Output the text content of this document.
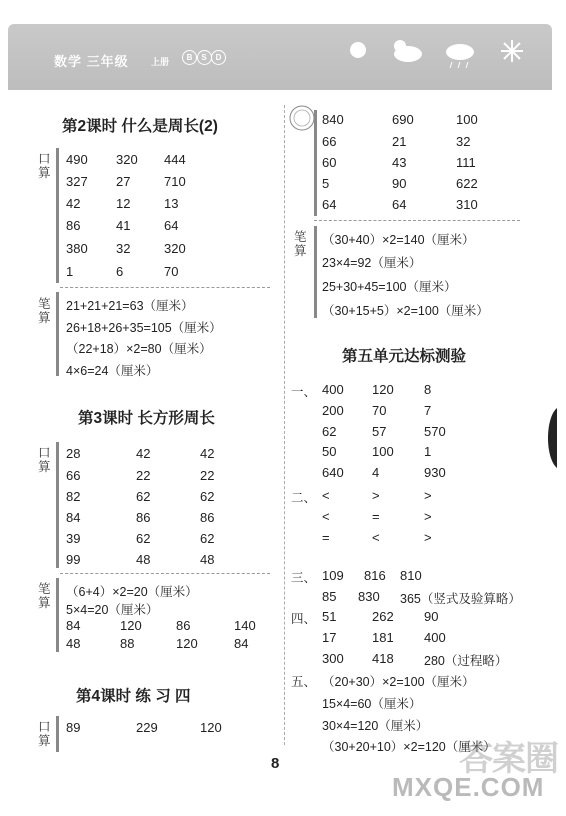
数学 三年级 上册	B S D
第2课时 什么是周长(2)
口算
490 320 444
327 27	710
42	12	13
86	41	64
380 32	320
1	6	70
笔算
21+21+21=63（厘米）
26+18+26+35=105（厘米）
（22+18）×2=80（厘米）
4×6=24（厘米）
第3课时 长方形周长
口算
28	42	42
66	22	22
82	62	62
84	86	86
39	62	62
99	48	48
笔算
（6+4）×2=20（厘米）
5×4=20（厘米）
84	120	86	140
48	88	120	84
第4课时 练 习 四
口算
89	229	120
840	690	100
66	21	32
60	43	111
5	90	622
64	64	310
笔算
（30+40）×2=140（厘米）
23×4=92（厘米）
25+30+45=100（厘米）
（30+15+5）×2=100（厘米）
第五单元达标测验
一、 400 120 8
200 70	7
62	57	570
50	100 1
640 4	930
二、 <	>	>
<	=	>
=	<	>
三、 109 816 810
85 830 365（竖式及验算略）
四、 51	262 90
17	181 400
300 418 280（过程略）
五、 （20+30）×2=100（厘米）
15×4=60（厘米）
30×4=120（厘米）
（30+20+10）×2=120（厘米）
8	答案圈
MXQE.COM
